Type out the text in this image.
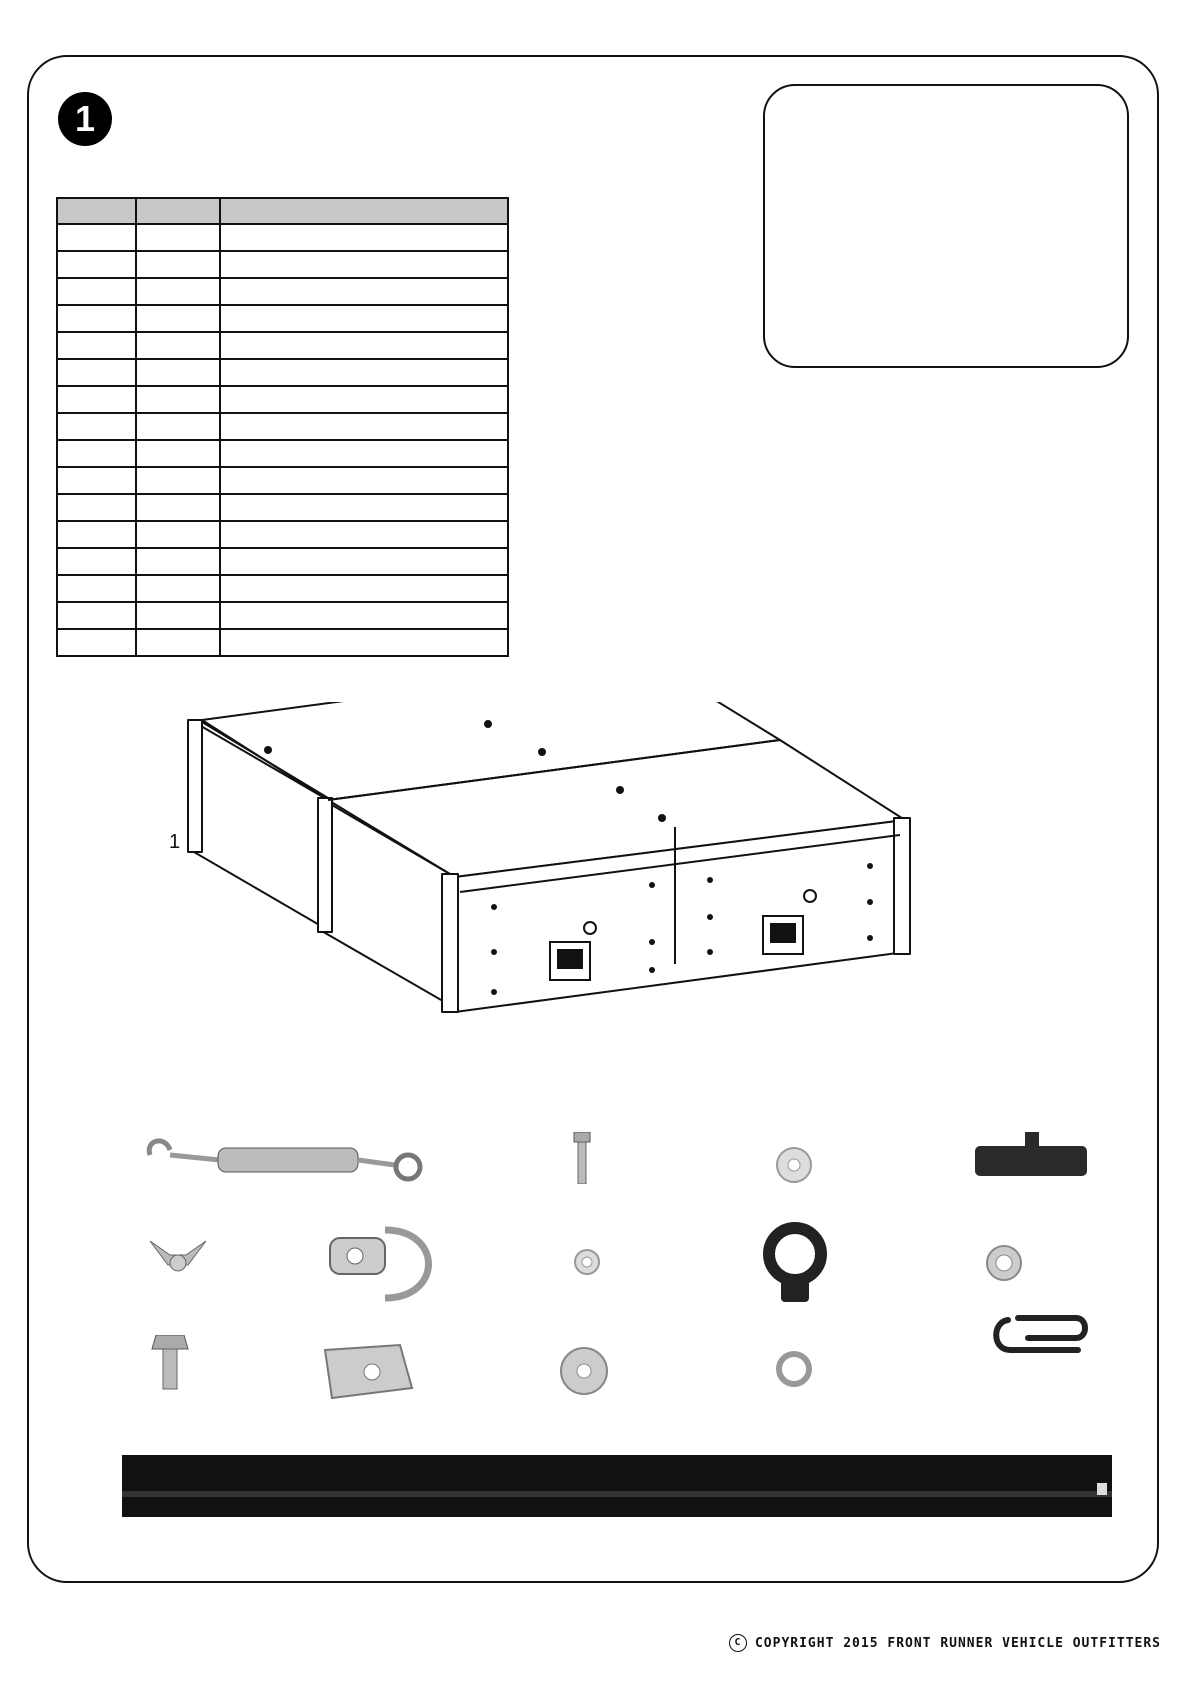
1

1
C	COPYRIGHT 2015 FRONT RUNNER VEHICLE OUTFITTERS
